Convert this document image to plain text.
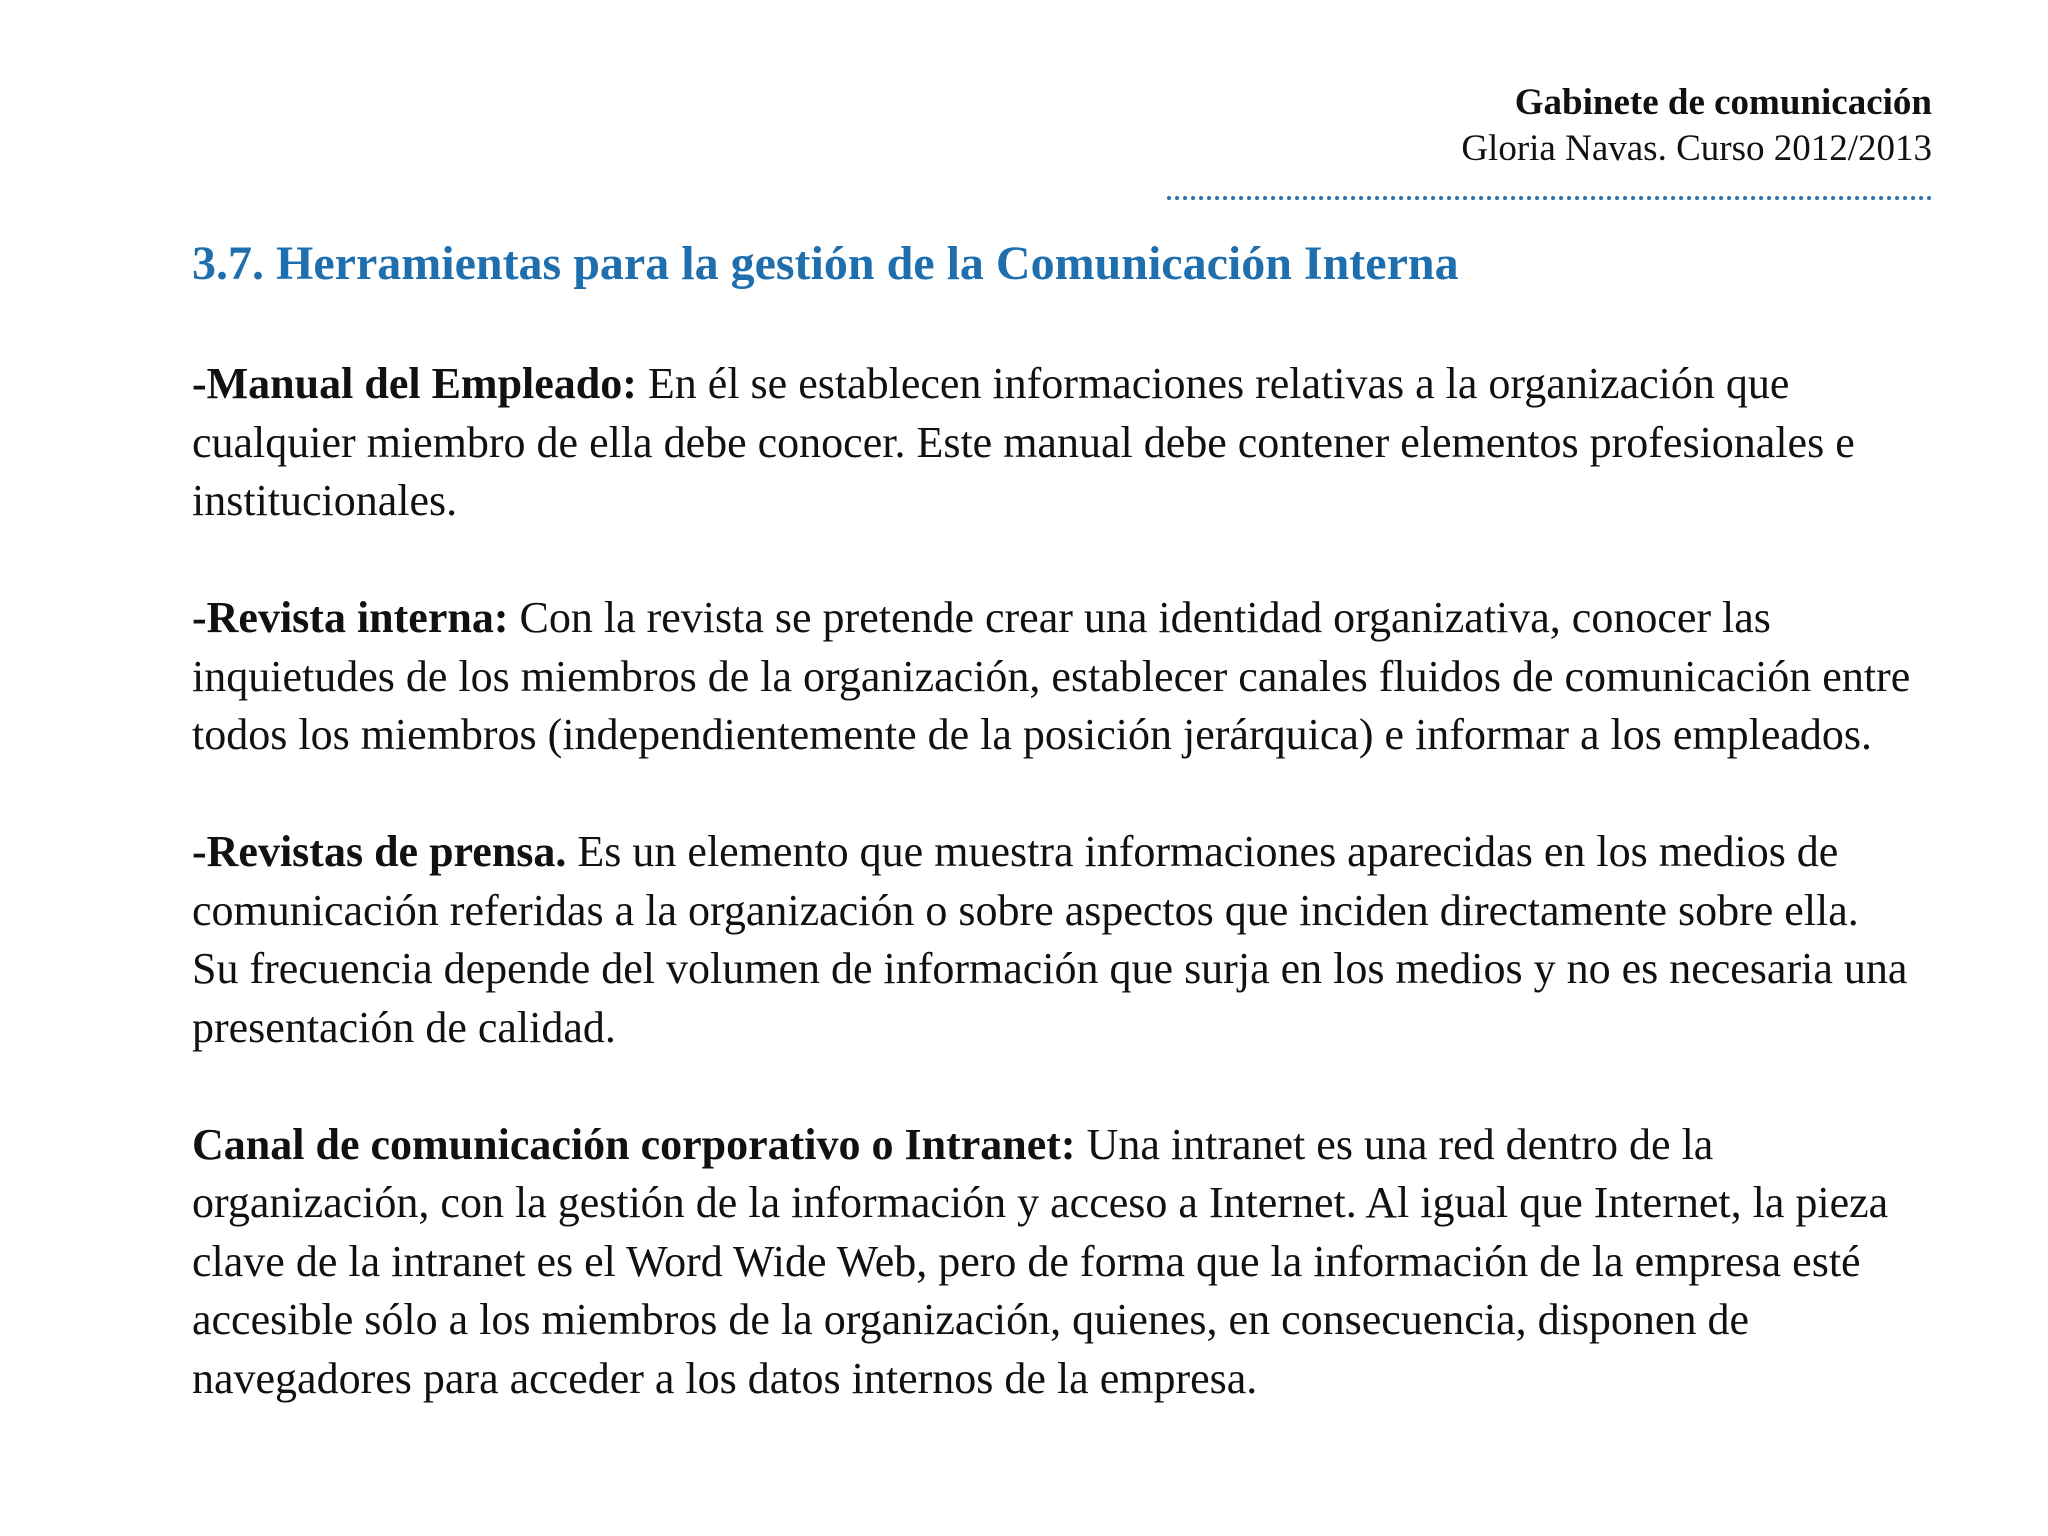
Gabinete de comunicación
Gloria Navas. Curso 2012/2013
3.7. Herramientas para la gestión de la Comunicación Interna

-Manual del Empleado: En él se establecen informaciones relativas a la organización que cualquier miembro de ella debe conocer. Este manual debe contener elementos profesionales e institucionales.

-Revista interna: Con la revista se pretende crear una identidad organizativa, conocer las inquietudes de los miembros de la organización, establecer canales fluidos de comunicación entre todos los miembros (independientemente de la posición jerárquica) e informar a los empleados.

-Revistas de prensa. Es un elemento que muestra informaciones aparecidas en los medios de comunicación referidas a la organización o sobre aspectos que inciden directamente sobre ella. Su frecuencia depende del volumen de información que surja en los medios y no es necesaria una presentación de calidad.

Canal de comunicación corporativo o Intranet: Una intranet es una red dentro de la organización, con la gestión de la información y acceso a Internet. Al igual que Internet, la pieza clave de la intranet es el Word Wide Web, pero de forma que la información de la empresa esté accesible sólo a los miembros de la organización, quienes, en consecuencia, disponen de navegadores para acceder a los datos internos de la empresa.
